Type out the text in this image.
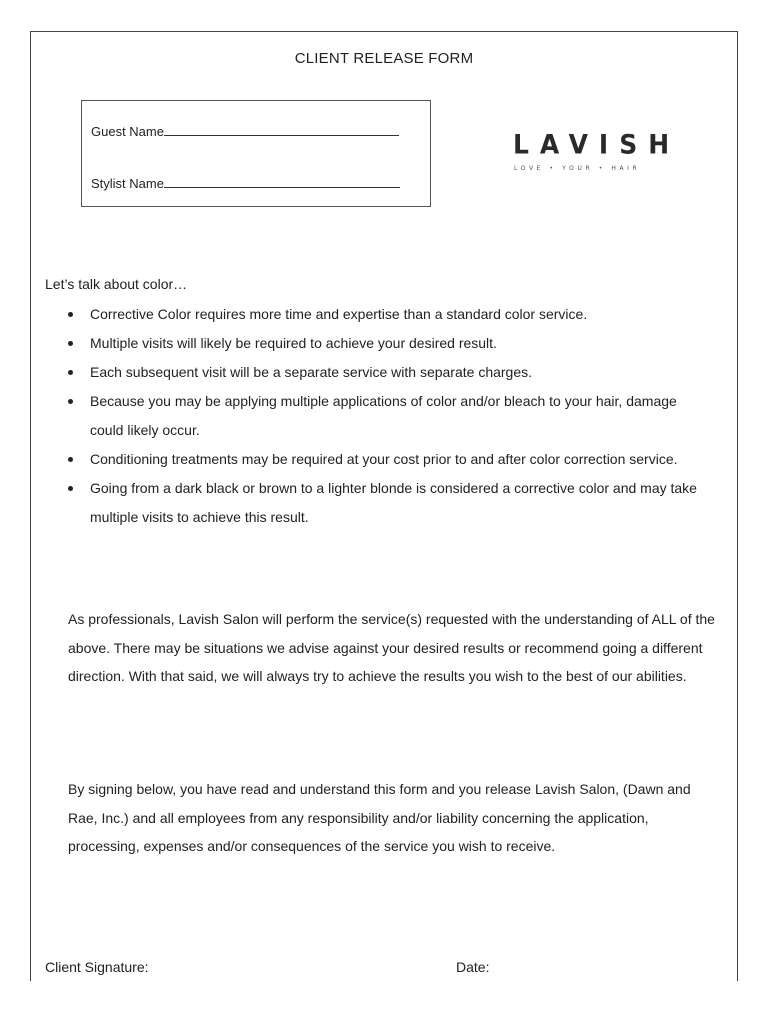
CLIENT RELEASE FORM
Guest Name
Stylist Name
LAVISH
LOVE • YOUR • HAIR
Let’s talk about color…
Corrective Color requires more time and expertise than a standard color service.
Multiple visits will likely be required to achieve your desired result.
Each subsequent visit will be a separate service with separate charges.
Because you may be applying multiple applications of color and/or bleach to your hair, damage could likely occur.
Conditioning treatments may be required at your cost prior to and after color correction service.
Going from a dark black or brown to a lighter blonde is considered a corrective color and may take multiple visits to achieve this result.

As professionals, Lavish Salon will perform the service(s) requested with the understanding of ALL of the above. There may be situations we advise against your desired results or recommend going a different direction. With that said, we will always try to achieve the results you wish to the best of our abilities.

By signing below, you have read and understand this form and you release Lavish Salon, (Dawn and Rae, Inc.) and all employees from any responsibility and/or liability concerning the application, processing, expenses and/or consequences of the service you wish to receive.

Client Signature:	Date:
